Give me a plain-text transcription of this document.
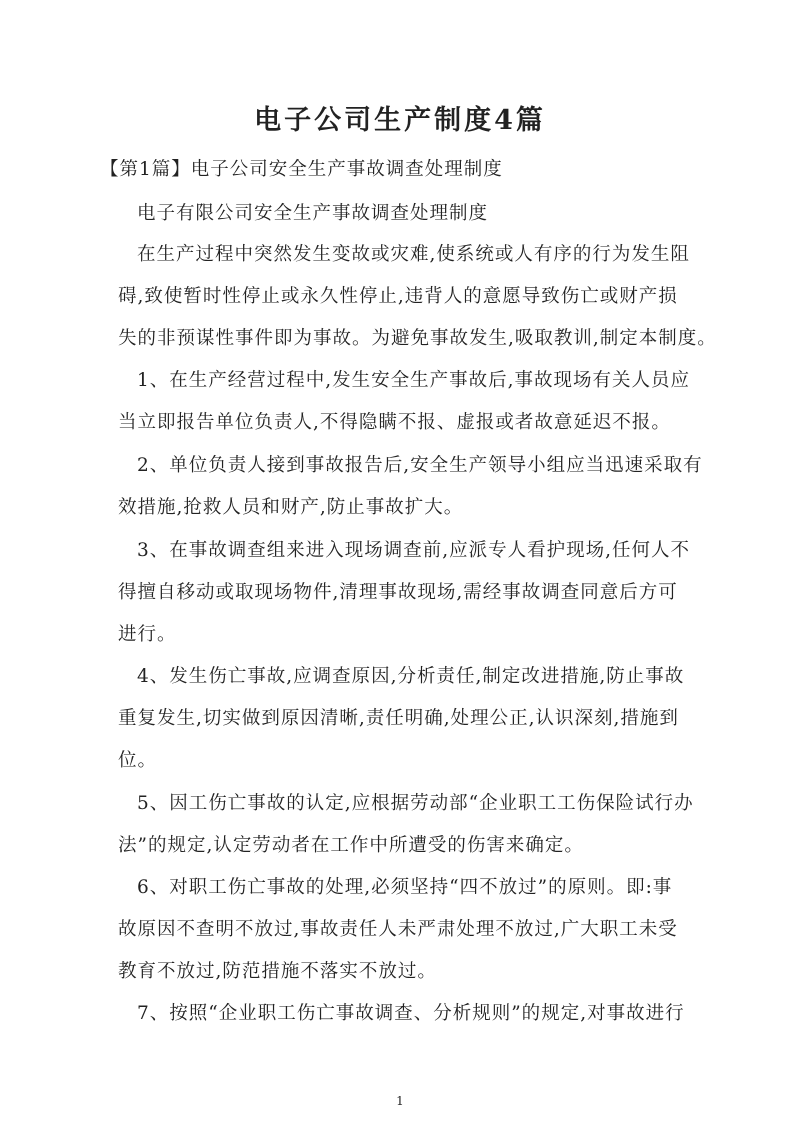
电子公司生产制度4篇
【第1篇】电子公司安全生产事故调查处理制度
电子有限公司安全生产事故调查处理制度
在生产过程中突然发生变故或灾难,使系统或人有序的行为发生阻
碍,致使暂时性停止或永久性停止,违背人的意愿导致伤亡或财产损
失的非预谋性事件即为事故。为避免事故发生,吸取教训,制定本制度。
1、在生产经营过程中,发生安全生产事故后,事故现场有关人员应
当立即报告单位负责人,不得隐瞒不报、虚报或者故意延迟不报。
2、单位负责人接到事故报告后,安全生产领导小组应当迅速采取有
效措施,抢救人员和财产,防止事故扩大。
3、在事故调查组来进入现场调查前,应派专人看护现场,任何人不
得擅自移动或取现场物件,清理事故现场,需经事故调查同意后方可
进行。
4、发生伤亡事故,应调查原因,分析责任,制定改进措施,防止事故
重复发生,切实做到原因清晰,责任明确,处理公正,认识深刻,措施到
位。
5、因工伤亡事故的认定,应根据劳动部“企业职工工伤保险试行办
法”的规定,认定劳动者在工作中所遭受的伤害来确定。
6、对职工伤亡事故的处理,必须坚持“四不放过”的原则。即:事
故原因不查明不放过,事故责任人未严肃处理不放过,广大职工未受
教育不放过,防范措施不落实不放过。
7、按照“企业职工伤亡事故调查、分析规则”的规定,对事故进行
1
